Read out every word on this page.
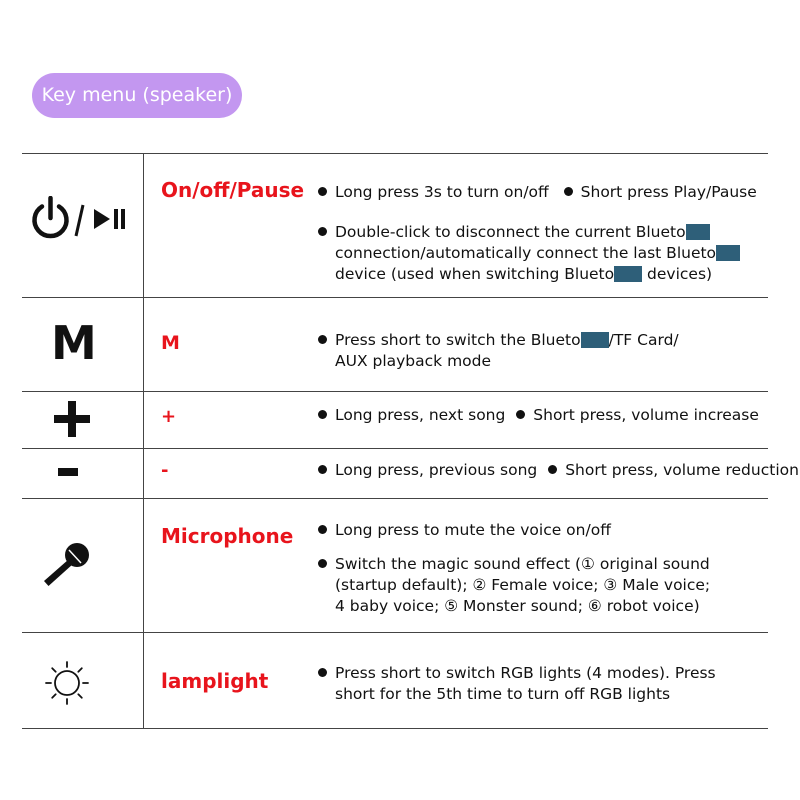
Key menu (speaker)
On/off/Pause	Long press 3s to turn on/off Short press Play/Pause
Double-click to disconnect the current Blueto
connection/automatically connect the last Blueto
device (used when switching Blueto devices)
M	M	Press short to switch the Blueto /TF Card/
AUX playback mode
+	Long press, next song Short press, volume increase
-	Long press, previous song Short press, volume reduction
Microphone	Long press to mute the voice on/off
Switch the magic sound effect (① original sound
(startup default); ② Female voice; ③ Male voice;
4 baby voice; ⑤ Monster sound; ⑥ robot voice)
lamplight	Press short to switch RGB lights (4 modes). Press
short for the 5th time to turn off RGB lights
